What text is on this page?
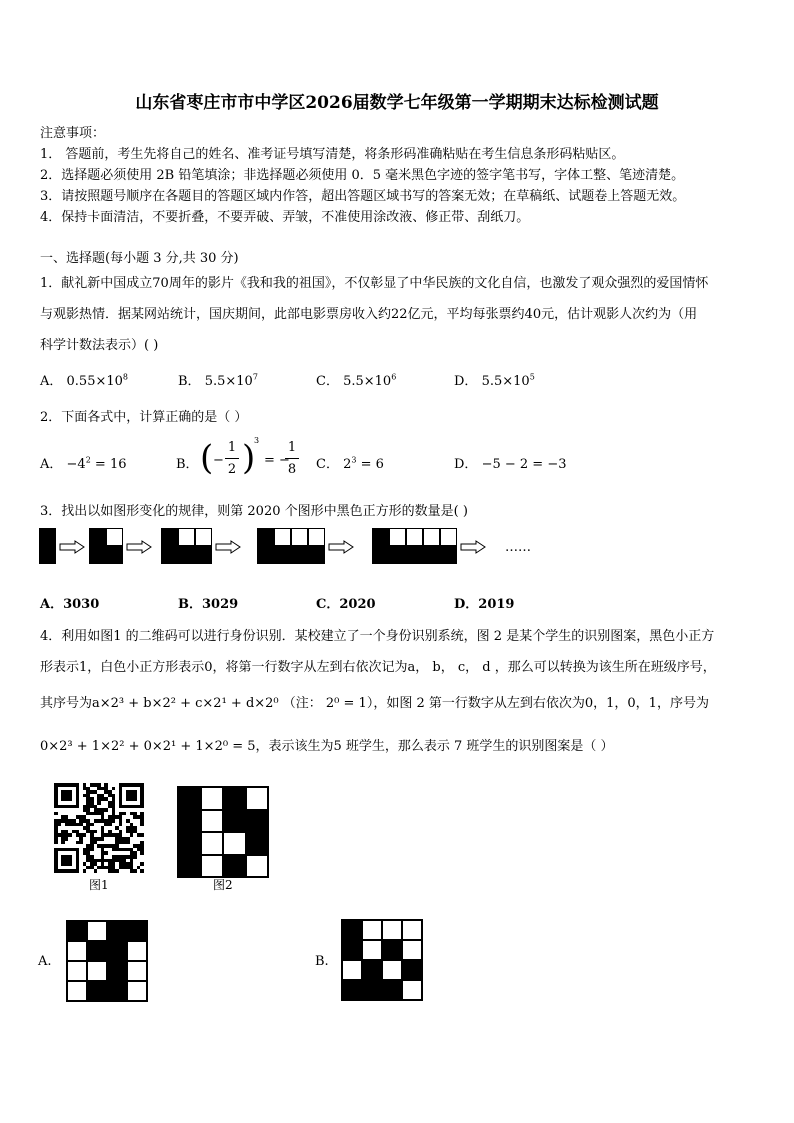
山东省枣庄市市中学区2026届数学七年级第一学期期末达标检测试题
注意事项：
1． 答题前，考生先将自己的姓名、准考证号填写清楚，将条形码准确粘贴在考生信息条形码粘贴区。
2．选择题必须使用 2B 铅笔填涂；非选择题必须使用 0．5 毫米黑色字迹的签字笔书写，字体工整、笔迹清楚。
3．请按照题号顺序在各题目的答题区域内作答，超出答题区域书写的答案无效；在草稿纸、试题卷上答题无效。
4．保持卡面清洁，不要折叠，不要弄破、弄皱，不准使用涂改液、修正带、刮纸刀。
一、选择题(每小题 3 分,共 30 分)
1．献礼新中国成立70周年的影片《我和我的祖国》，不仅彰显了中华民族的文化自信，也激发了观众强烈的爱国情怀
与观影热情．据某网站统计，国庆期间，此部电影票房收入约22亿元，平均每张票约40元，估计观影人次约为（用
科学计数法表示）( )
A． $0.55\times 10^8$	B． $5.5\times 10^7$	C． $5.5\times 10^6$	D． $5.5\times 10^5$
2．下面各式中，计算正确的是（ ）
A． $-4^2 = 16$	B． ( −
1
2 )
3
= −
1
8 C． $2^3 = 6$	D． −5 − 2 = −3
3．找出以如图形变化的规律，则第 2020 个图形中黑色正方形的数量是( )
……
A．3030	B．3029	C．2020	D．2019
4．利用如图1 的二维码可以进行身份识别．某校建立了一个身份识别系统，图 2 是某个学生的识别图案，黑色小正方
形表示1，白色小正方形表示0，将第一行数字从左到右依次记为a， b， c， d ，那么可以转换为该生所在班级序号，
其序号为a×2³ + b×2² + c×2¹ + d×2⁰ （注： 2⁰ = 1），如图 2 第一行数字从左到右依次为0，1，0，1，序号为
0×2³ + 1×2² + 0×2¹ + 1×2⁰ = 5，表示该生为5 班学生，那么表示 7 班学生的识别图案是（ ）
图1	图2
A.	B.
